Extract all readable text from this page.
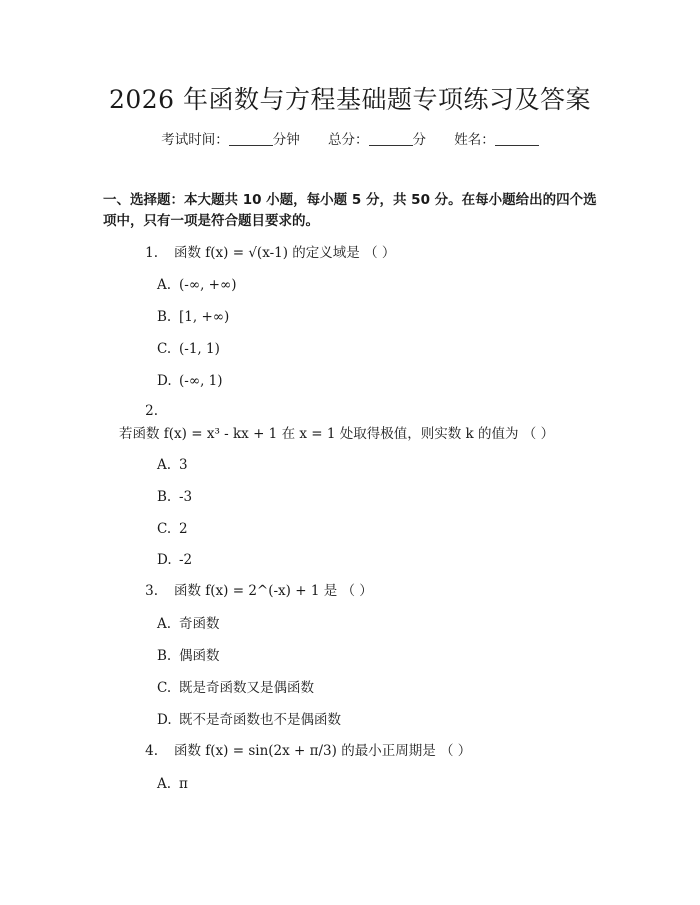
2026 年函数与方程基础题专项练习及答案
考试时间：	分钟 总分：	分 姓名：
一、选择题：本大题共 10 小题，每小题 5 分，共 50 分。在每小题给出的四个选项中，只有一项是符合题目要求的。
1. 函数 f(x) = √(x-1) 的定义域是 （ ）
A. (-∞, +∞)
B. [1, +∞)
C. (-1, 1)
D. (-∞, 1)
2.若函数 f(x) = x³ - kx + 1 在 x = 1 处取得极值，则实数 k 的值为 （ ）
A. 3
B. -3
C. 2
D. -2
3. 函数 f(x) = 2^(-x) + 1 是 （ ）
A. 奇函数
B. 偶函数
C. 既是奇函数又是偶函数
D. 既不是奇函数也不是偶函数
4. 函数 f(x) = sin(2x + π/3) 的最小正周期是 （ ）
A. π
